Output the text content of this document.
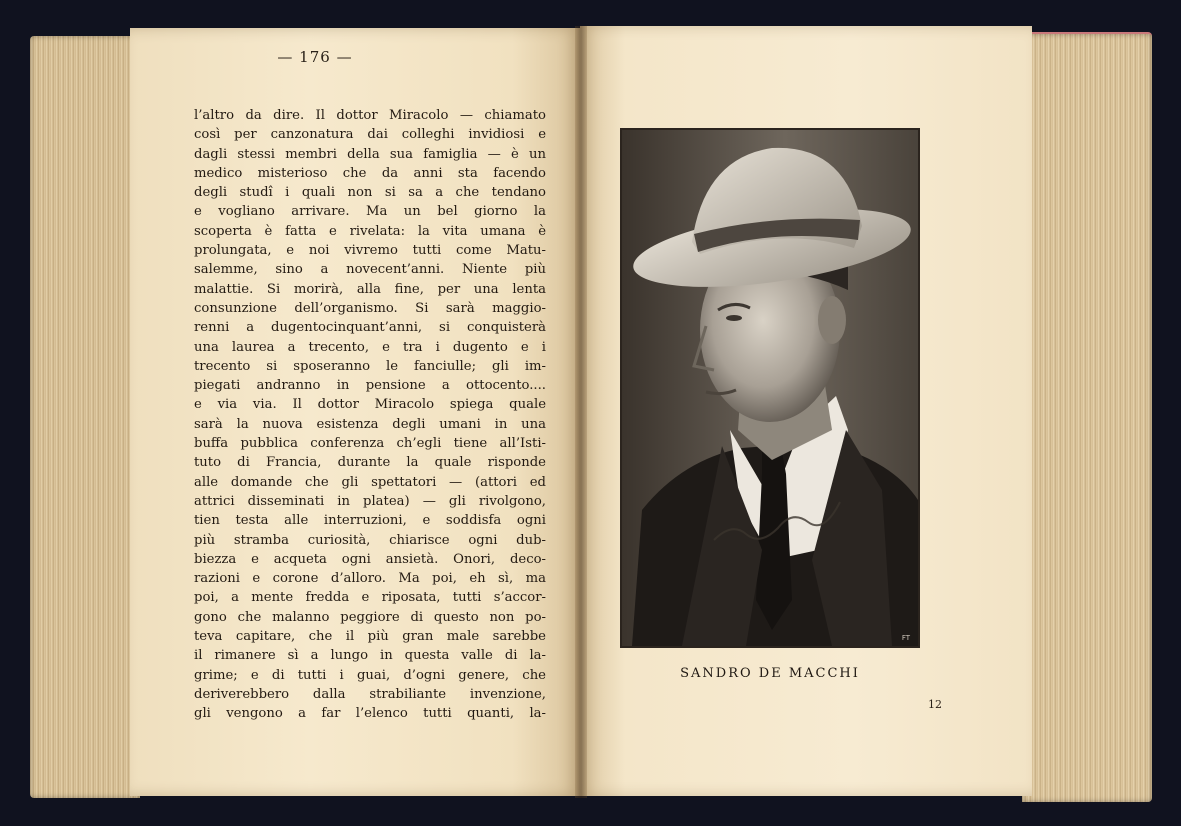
— 176 —
l’altro da dire. Il dottor Miracolo — chiamato
così per canzonatura dai colleghi invidiosi e
dagli stessi membri della sua famiglia — è un
medico misterioso che da anni sta facendo
degli studî i quali non si sa a che tendano
e vogliano arrivare. Ma un bel giorno la
scoperta è fatta e rivelata: la vita umana è
prolungata, e noi vivremo tutti come Matu-
salemme, sino a novecent’anni. Niente più
malattie. Si morirà, alla fine, per una lenta
consunzione dell’organismo. Si sarà maggio-
renni a dugentocinquant’anni, si conquisterà
una laurea a trecento, e tra i dugento e i
trecento si sposeranno le fanciulle; gli im-
piegati andranno in pensione a ottocento....
e via via. Il dottor Miracolo spiega quale
sarà la nuova esistenza degli umani in una
buffa pubblica conferenza ch’egli tiene all’Isti-
tuto di Francia, durante la quale risponde
alle domande che gli spettatori — (attori ed
attrici disseminati in platea) — gli rivolgono,
tien testa alle interruzioni, e soddisfa ogni
più stramba curiosità, chiarisce ogni dub-
biezza e acqueta ogni ansietà. Onori, deco-
razioni e corone d’alloro. Ma poi, eh sì, ma
poi, a mente fredda e riposata, tutti s’accor-
gono che malanno peggiore di questo non po-
teva capitare, che il più gran male sarebbe
il rimanere sì a lungo in questa valle di la-
grime; e di tutti i guai, d’ogni genere, che
deriverebbero dalla strabiliante invenzione,
gli vengono a far l’elenco tutti quanti, la-
FT
SANDRO DE MACCHI
12
